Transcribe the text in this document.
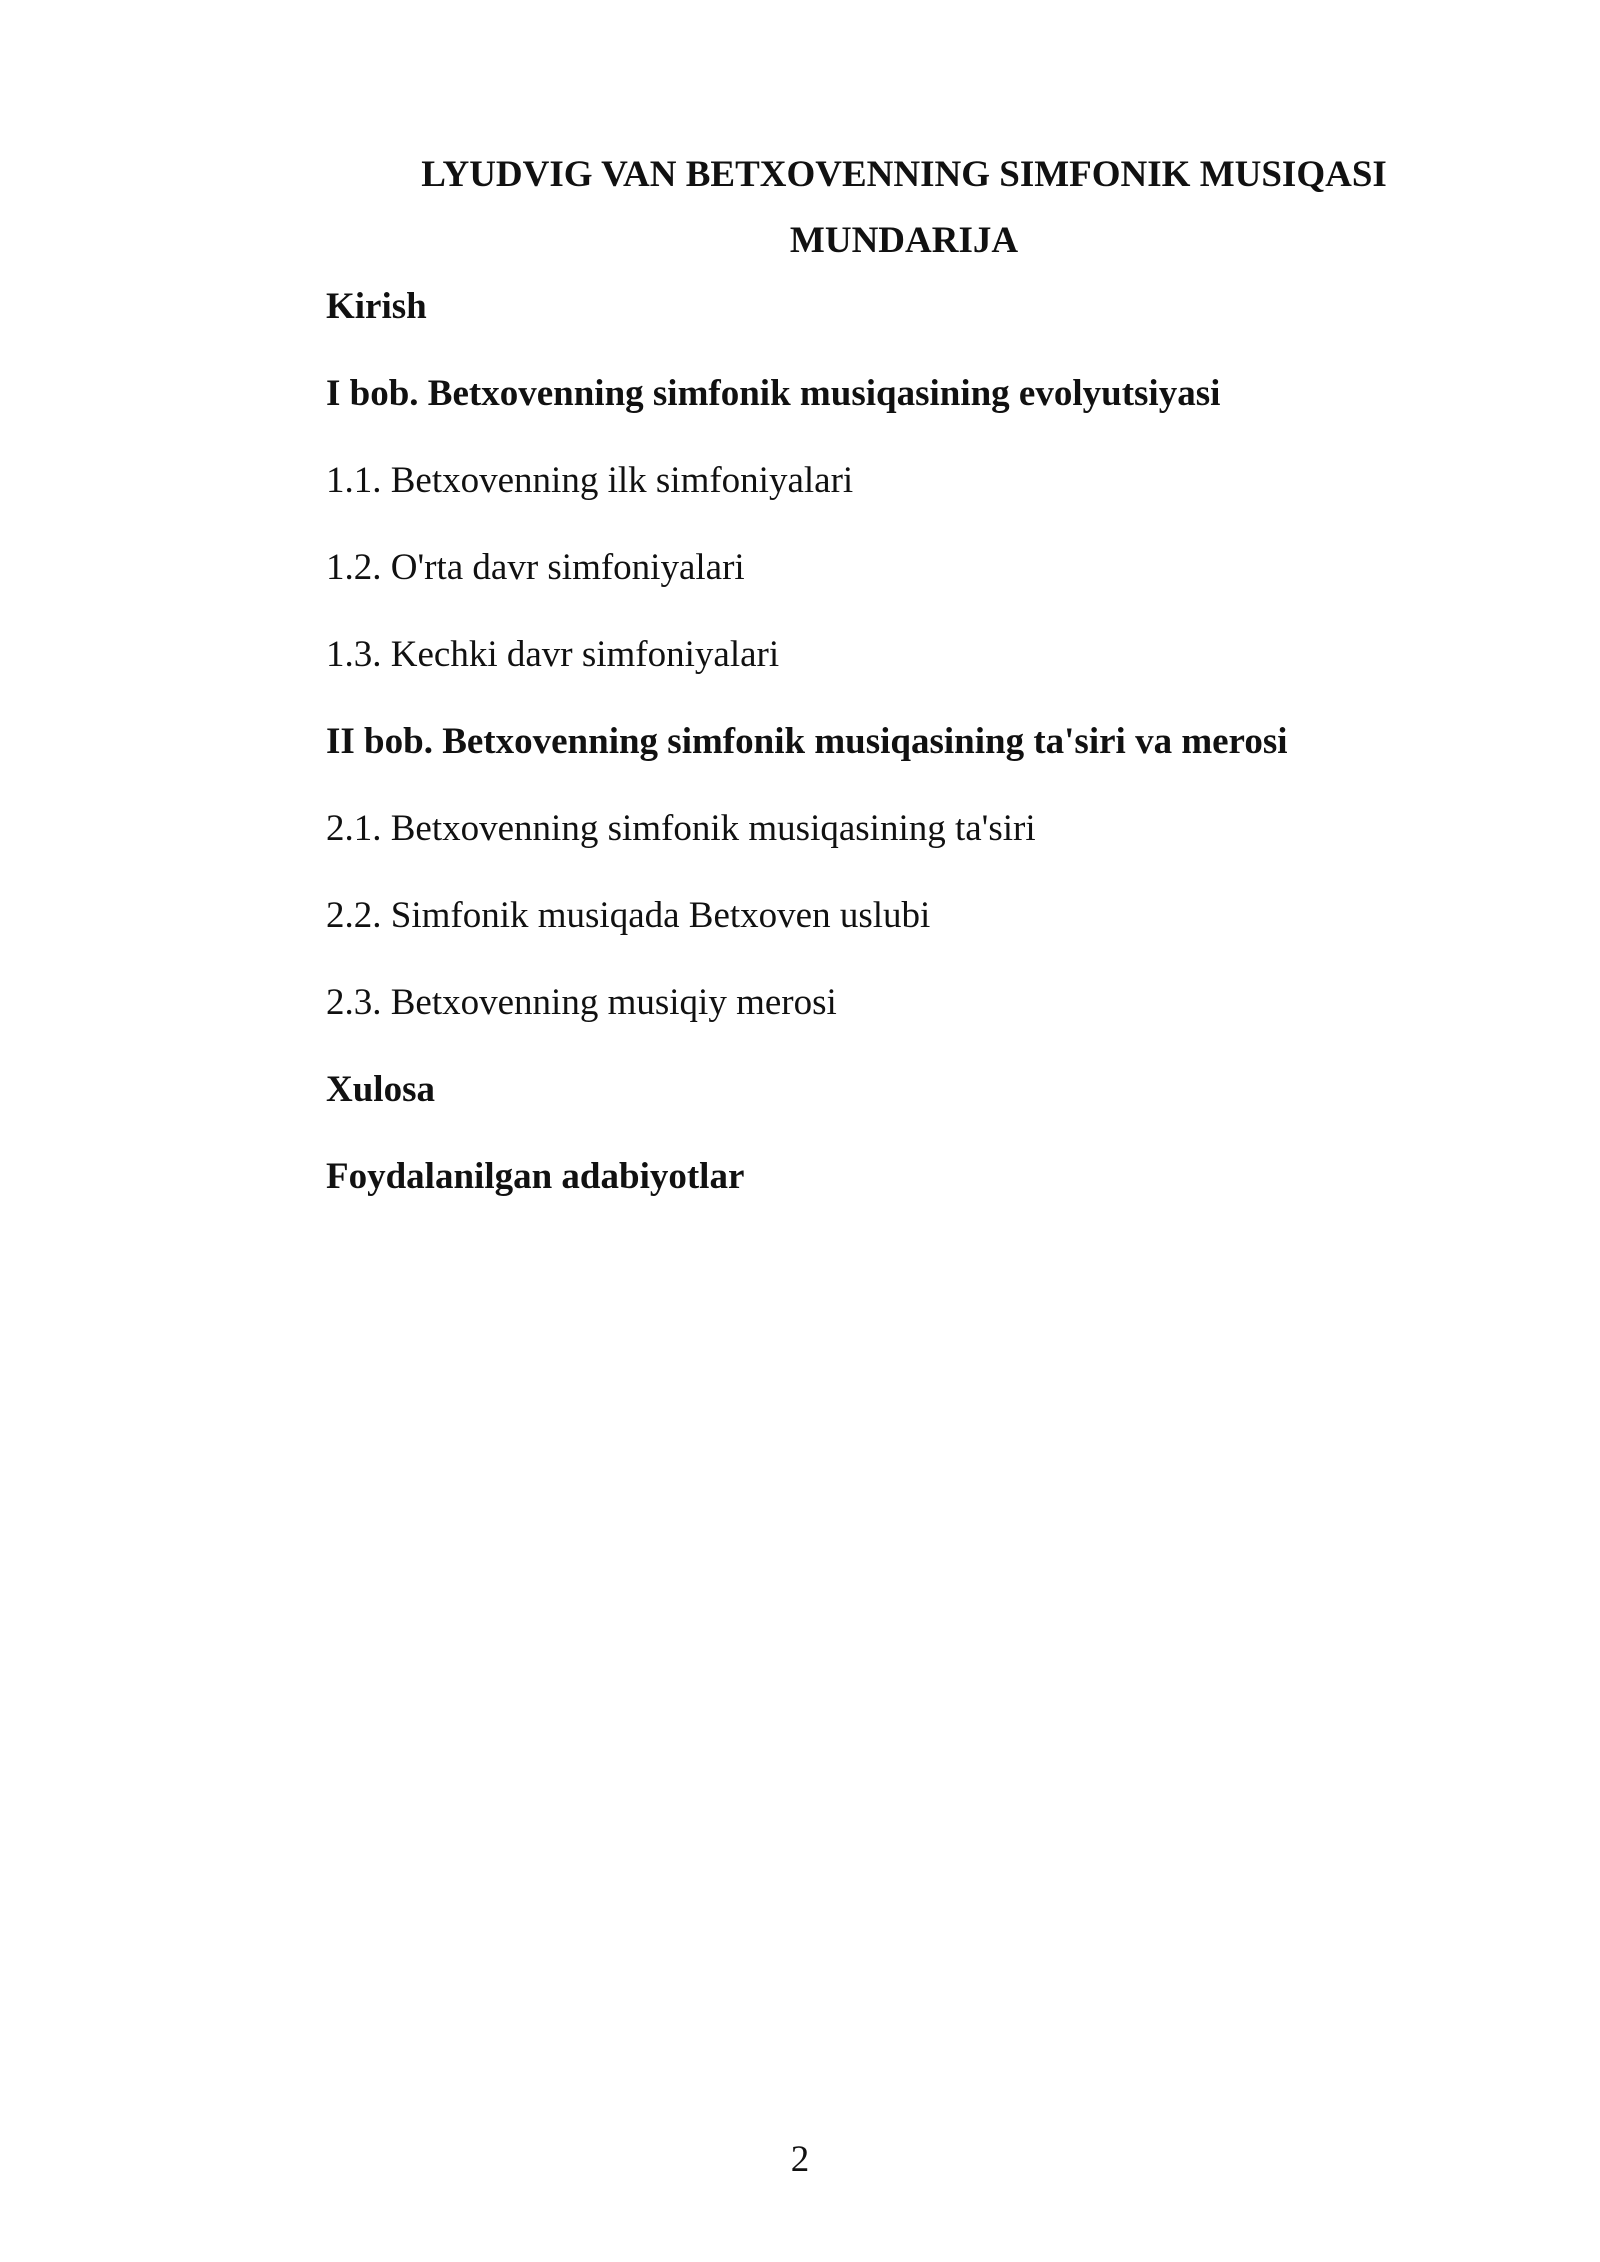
LYUDVIG VAN BETXOVENNING SIMFONIK MUSIQASI
MUNDARIJA
Kirish
I bob. Betxovenning simfonik musiqasining evolyutsiyasi
1.1. Betxovenning ilk simfoniyalari
1.2. O'rta davr simfoniyalari
1.3. Kechki davr simfoniyalari
II bob. Betxovenning simfonik musiqasining ta'siri va merosi
2.1. Betxovenning simfonik musiqasining ta'siri
2.2. Simfonik musiqada Betxoven uslubi
2.3. Betxovenning musiqiy merosi
Xulosa
Foydalanilgan adabiyotlar
2
